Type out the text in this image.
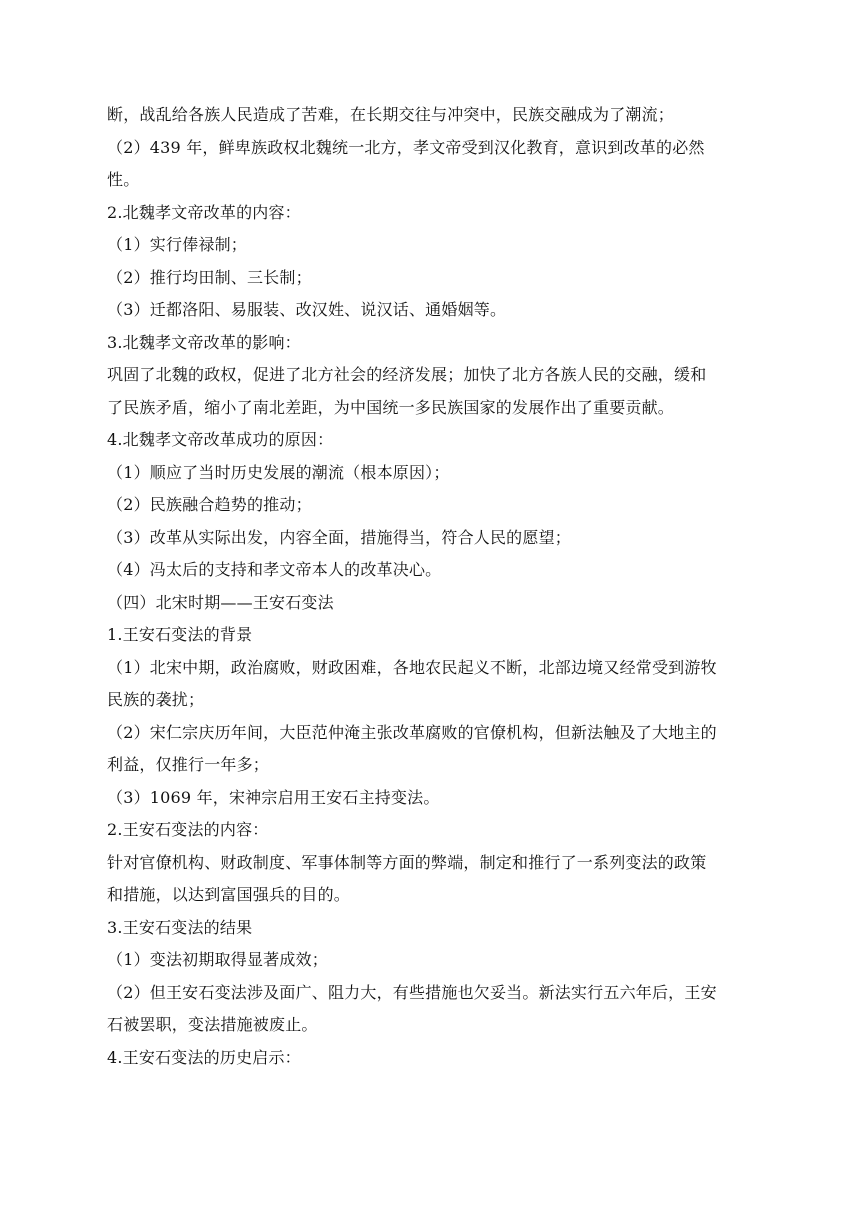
断，战乱给各族人民造成了苦难，在长期交往与冲突中，民族交融成为了潮流；
（2）439 年，鲜卑族政权北魏统一北方，孝文帝受到汉化教育，意识到改革的必然
性。
2.北魏孝文帝改革的内容：
（1）实行俸禄制；
（2）推行均田制、三长制；
（3）迁都洛阳、易服装、改汉姓、说汉话、通婚姻等。
3.北魏孝文帝改革的影响：
巩固了北魏的政权，促进了北方社会的经济发展；加快了北方各族人民的交融，缓和
了民族矛盾，缩小了南北差距，为中国统一多民族国家的发展作出了重要贡献。
4.北魏孝文帝改革成功的原因：
（1）顺应了当时历史发展的潮流（根本原因）；
（2）民族融合趋势的推动；
（3）改革从实际出发，内容全面，措施得当，符合人民的愿望；
（4）冯太后的支持和孝文帝本人的改革决心。
（四）北宋时期——王安石变法
1.王安石变法的背景
（1）北宋中期，政治腐败，财政困难，各地农民起义不断，北部边境又经常受到游牧
民族的袭扰；
（2）宋仁宗庆历年间，大臣范仲淹主张改革腐败的官僚机构，但新法触及了大地主的
利益，仅推行一年多；
（3）1069 年，宋神宗启用王安石主持变法。
2.王安石变法的内容：
针对官僚机构、财政制度、军事体制等方面的弊端，制定和推行了一系列变法的政策
和措施，以达到富国强兵的目的。
3.王安石变法的结果
（1）变法初期取得显著成效；
（2）但王安石变法涉及面广、阻力大，有些措施也欠妥当。新法实行五六年后，王安
石被罢职，变法措施被废止。
4.王安石变法的历史启示：
